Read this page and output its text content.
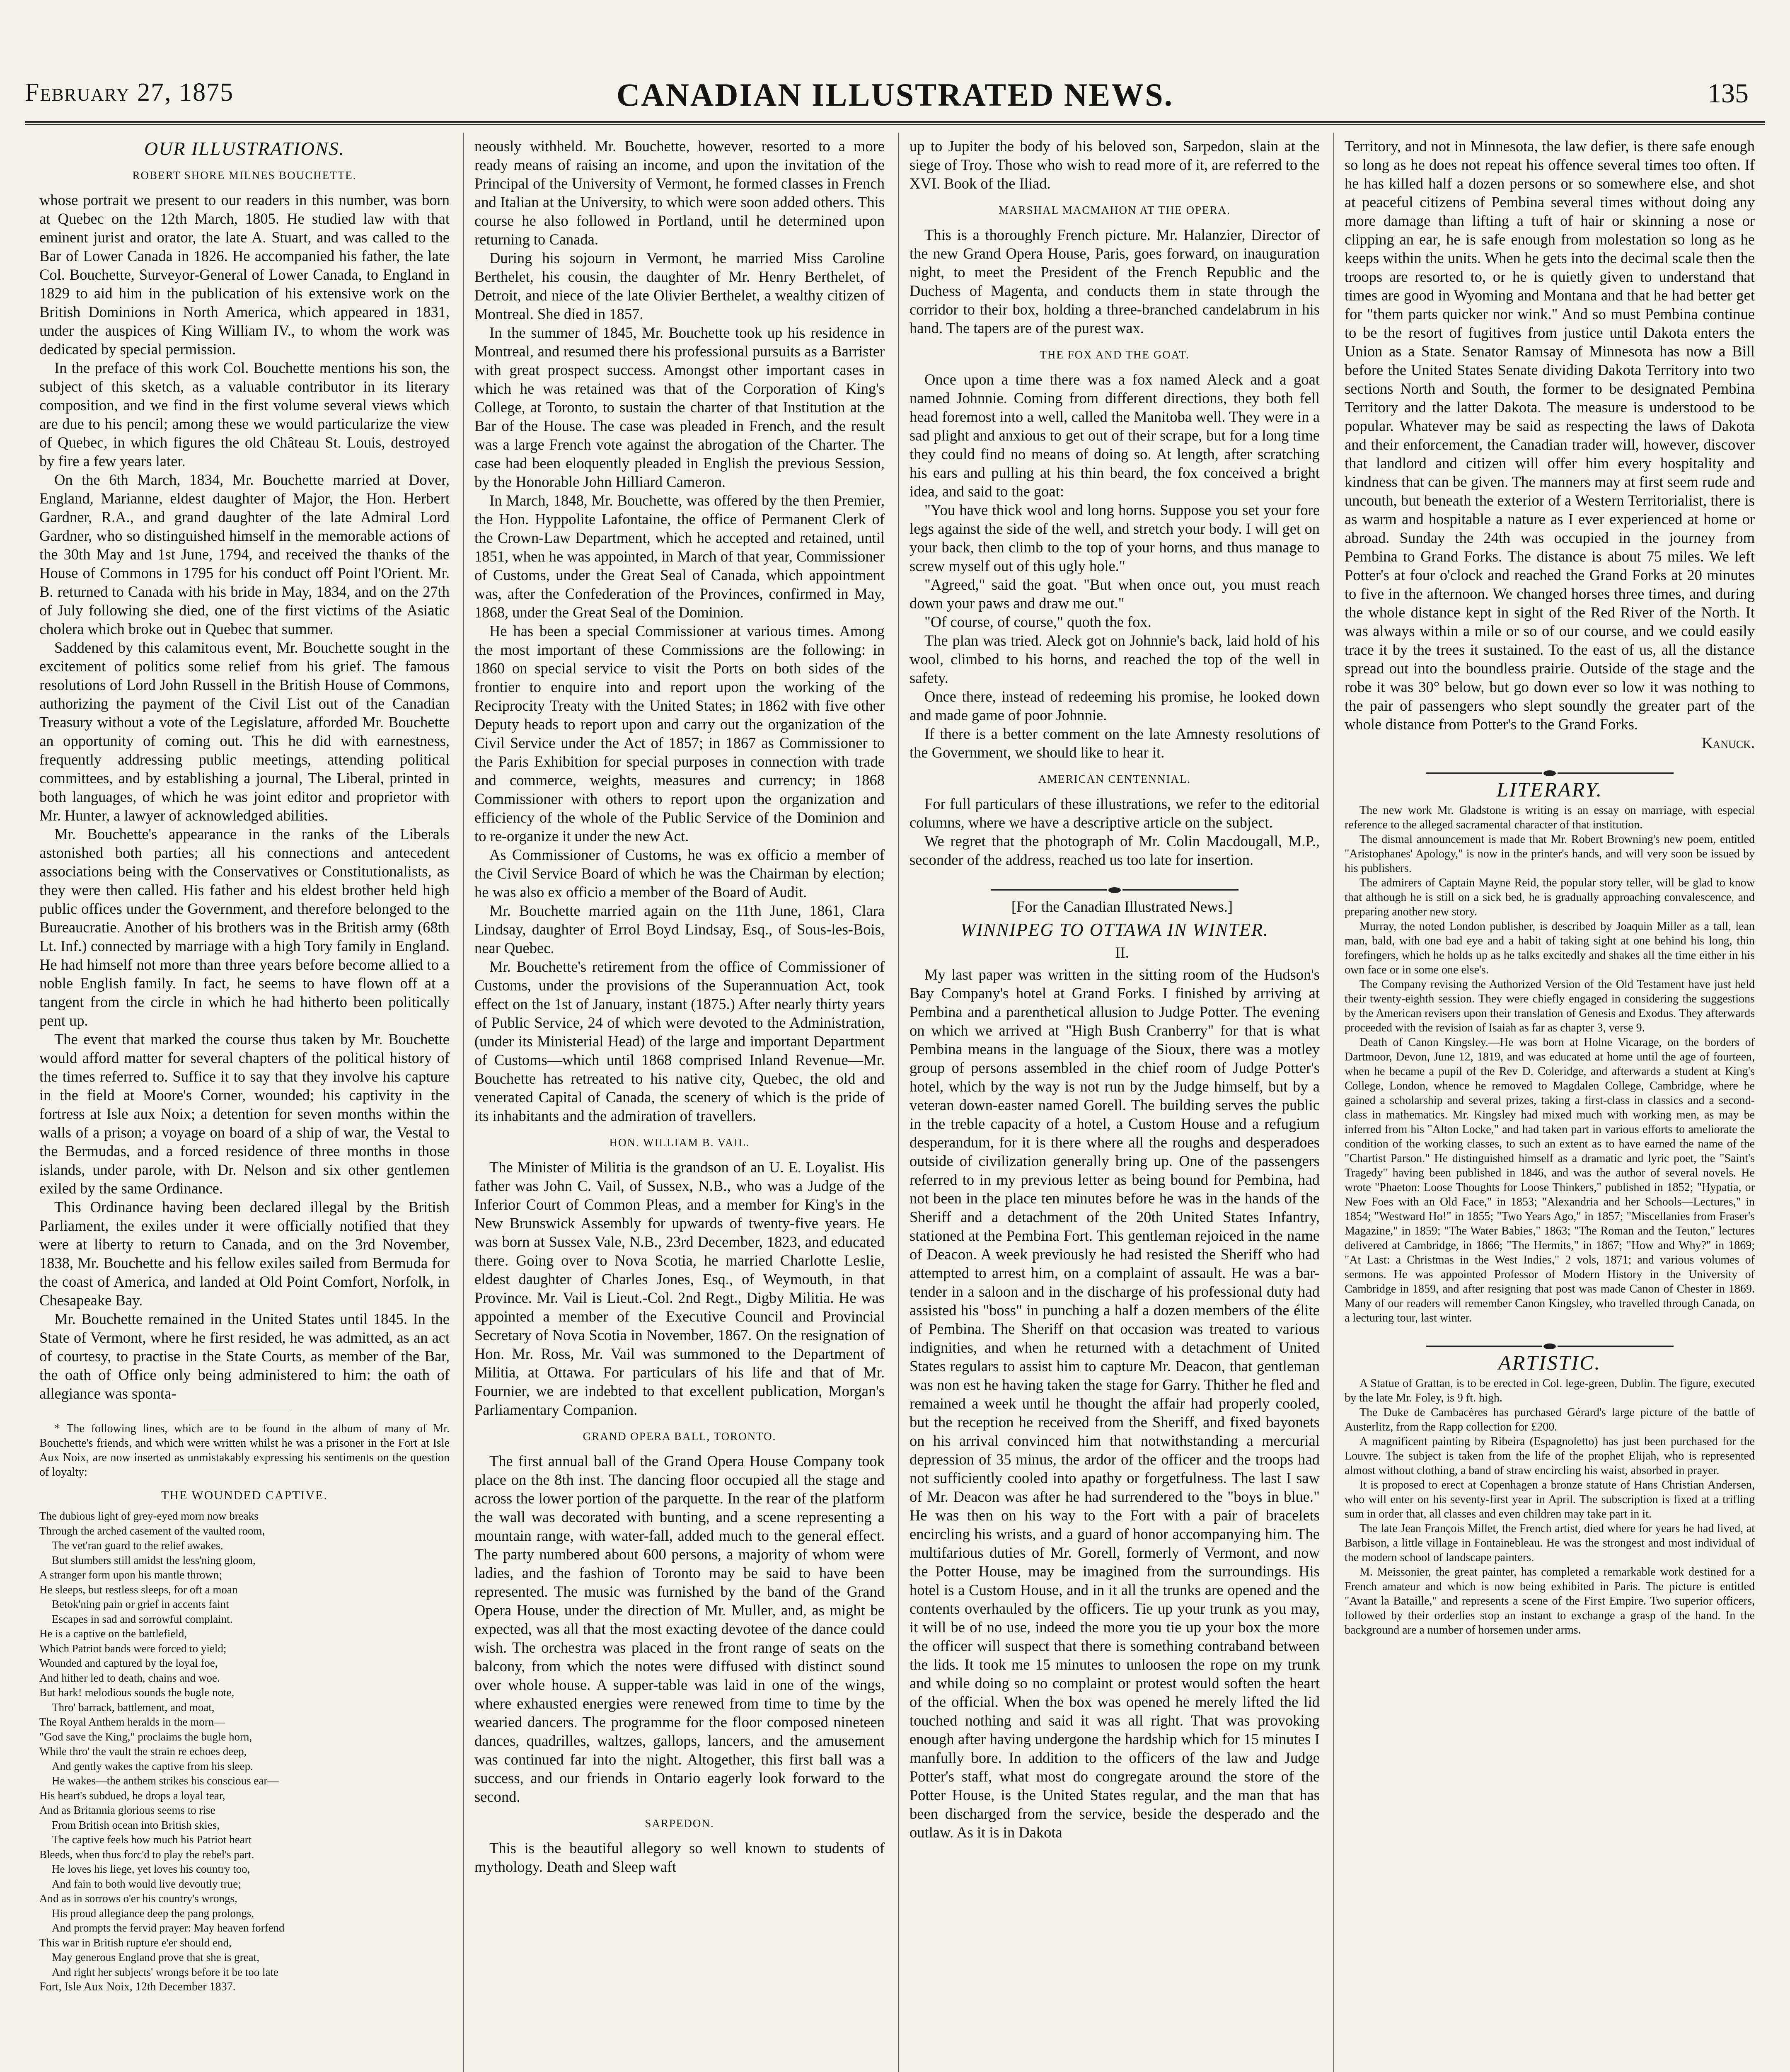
February 27, 1875	CANADIAN ILLUSTRATED NEWS.	135
OUR ILLUSTRATIONS.
ROBERT SHORE MILNES BOUCHETTE.

whose portrait we present to our readers in this number, was born at Quebec on the 12th March, 1805. He studied law with that eminent jurist and orator, the late A. Stuart, and was called to the Bar of Lower Canada in 1826. He accompanied his father, the late Col. Bouchette, Surveyor-General of Lower Canada, to England in 1829 to aid him in the publication of his extensive work on the British Dominions in North America, which appeared in 1831, under the auspices of King William IV., to whom the work was dedicated by special permission.

In the preface of this work Col. Bouchette mentions his son, the subject of this sketch, as a valuable contributor in its literary composition, and we find in the first volume several views which are due to his pencil; among these we would particularize the view of Quebec, in which figures the old Château St. Louis, destroyed by fire a few years later.

On the 6th March, 1834, Mr. Bouchette married at Dover, England, Marianne, eldest daughter of Major, the Hon. Herbert Gardner, R.A., and grand daughter of the late Admiral Lord Gardner, who so distinguished himself in the memorable actions of the 30th May and 1st June, 1794, and received the thanks of the House of Commons in 1795 for his conduct off Point l'Orient. Mr. B. returned to Canada with his bride in May, 1834, and on the 27th of July following she died, one of the first victims of the Asiatic cholera which broke out in Quebec that summer.

Saddened by this calamitous event, Mr. Bouchette sought in the excitement of politics some relief from his grief. The famous resolutions of Lord John Russell in the British House of Commons, authorizing the payment of the Civil List out of the Canadian Treasury without a vote of the Legislature, afforded Mr. Bouchette an opportunity of coming out. This he did with earnestness, frequently addressing public meetings, attending political committees, and by establishing a journal, The Liberal, printed in both languages, of which he was joint editor and proprietor with Mr. Hunter, a lawyer of acknowledged abilities.

Mr. Bouchette's appearance in the ranks of the Liberals astonished both parties; all his connections and antecedent associations being with the Conservatives or Constitutionalists, as they were then called. His father and his eldest brother held high public offices under the Government, and therefore belonged to the Bureaucratie. Another of his brothers was in the British army (68th Lt. Inf.) connected by marriage with a high Tory family in England. He had himself not more than three years before become allied to a noble English family. In fact, he seems to have flown off at a tangent from the circle in which he had hitherto been politically pent up.

The event that marked the course thus taken by Mr. Bouchette would afford matter for several chapters of the political history of the times referred to. Suffice it to say that they involve his capture in the field at Moore's Corner, wounded; his captivity in the fortress at Isle aux Noix; a detention for seven months within the walls of a prison; a voyage on board of a ship of war, the Vestal to the Bermudas, and a forced residence of three months in those islands, under parole, with Dr. Nelson and six other gentlemen exiled by the same Ordinance.

This Ordinance having been declared illegal by the British Parliament, the exiles under it were officially notified that they were at liberty to return to Canada, and on the 3rd November, 1838, Mr. Bouchette and his fellow exiles sailed from Bermuda for the coast of America, and landed at Old Point Comfort, Norfolk, in Chesapeake Bay.

Mr. Bouchette remained in the United States until 1845. In the State of Vermont, where he first resided, he was admitted, as an act of courtesy, to practise in the State Courts, as member of the Bar, the oath of Office only being administered to him: the oath of allegiance was sponta-

* The following lines, which are to be found in the album of many of Mr. Bouchette's friends, and which were written whilst he was a prisoner in the Fort at Isle Aux Noix, are now inserted as unmistakably expressing his sentiments on the question of loyalty:

THE WOUNDED CAPTIVE.
The dubious light of grey-eyed morn now breaks
Through the arched casement of the vaulted room,
The vet'ran guard to the relief awakes,
But slumbers still amidst the less'ning gloom,
A stranger form upon his mantle thrown;
He sleeps, but restless sleeps, for oft a moan
Betok'ning pain or grief in accents faint
Escapes in sad and sorrowful complaint.
He is a captive on the battlefield,
Which Patriot bands were forced to yield;
Wounded and captured by the loyal foe,
And hither led to death, chains and woe.
But hark! melodious sounds the bugle note,
Thro' barrack, battlement, and moat,
The Royal Anthem heralds in the morn—
"God save the King," proclaims the bugle horn,
While thro' the vault the strain re echoes deep,
And gently wakes the captive from his sleep.
He wakes—the anthem strikes his conscious ear—
His heart's subdued, he drops a loyal tear,
And as Britannia glorious seems to rise
From British ocean into British skies,
The captive feels how much his Patriot heart
Bleeds, when thus forc'd to play the rebel's part.
He loves his liege, yet loves his country too,
And fain to both would live devoutly true;
And as in sorrows o'er his country's wrongs,
His proud allegiance deep the pang prolongs,
And prompts the fervid prayer: May heaven forfend
This war in British rupture e'er should end,
May generous England prove that she is great,
And right her subjects' wrongs before it be too late

Fort, Isle Aux Noix, 12th December 1837.

neously withheld. Mr. Bouchette, however, resorted to a more ready means of raising an income, and upon the invitation of the Principal of the University of Vermont, he formed classes in French and Italian at the University, to which were soon added others. This course he also followed in Portland, until he determined upon returning to Canada.

During his sojourn in Vermont, he married Miss Caroline Berthelet, his cousin, the daughter of Mr. Henry Berthelet, of Detroit, and niece of the late Olivier Berthelet, a wealthy citizen of Montreal. She died in 1857.

In the summer of 1845, Mr. Bouchette took up his residence in Montreal, and resumed there his professional pursuits as a Barrister with great prospect success. Amongst other important cases in which he was retained was that of the Corporation of King's College, at Toronto, to sustain the charter of that Institution at the Bar of the House. The case was pleaded in French, and the result was a large French vote against the abrogation of the Charter. The case had been eloquently pleaded in English the previous Session, by the Honorable John Hilliard Cameron.

In March, 1848, Mr. Bouchette, was offered by the then Premier, the Hon. Hyppolite Lafontaine, the office of Permanent Clerk of the Crown-Law Department, which he accepted and retained, until 1851, when he was appointed, in March of that year, Commissioner of Customs, under the Great Seal of Canada, which appointment was, after the Confederation of the Provinces, confirmed in May, 1868, under the Great Seal of the Dominion.

He has been a special Commissioner at various times. Among the most important of these Commissions are the following: in 1860 on special service to visit the Ports on both sides of the frontier to enquire into and report upon the working of the Reciprocity Treaty with the United States; in 1862 with five other Deputy heads to report upon and carry out the organization of the Civil Service under the Act of 1857; in 1867 as Commissioner to the Paris Exhibition for special purposes in connection with trade and commerce, weights, measures and currency; in 1868 Commissioner with others to report upon the organization and efficiency of the whole of the Public Service of the Dominion and to re-organize it under the new Act.

As Commissioner of Customs, he was ex officio a member of the Civil Service Board of which he was the Chairman by election; he was also ex officio a member of the Board of Audit.

Mr. Bouchette married again on the 11th June, 1861, Clara Lindsay, daughter of Errol Boyd Lindsay, Esq., of Sous-les-Bois, near Quebec.

Mr. Bouchette's retirement from the office of Commissioner of Customs, under the provisions of the Superannuation Act, took effect on the 1st of January, instant (1875.) After nearly thirty years of Public Service, 24 of which were devoted to the Administration, (under its Ministerial Head) of the large and important Department of Customs—which until 1868 comprised Inland Revenue—Mr. Bouchette has retreated to his native city, Quebec, the old and venerated Capital of Canada, the scenery of which is the pride of its inhabitants and the admiration of travellers.

HON. WILLIAM B. VAIL.

The Minister of Militia is the grandson of an U. E. Loyalist. His father was John C. Vail, of Sussex, N.B., who was a Judge of the Inferior Court of Common Pleas, and a member for King's in the New Brunswick Assembly for upwards of twenty-five years. He was born at Sussex Vale, N.B., 23rd December, 1823, and educated there. Going over to Nova Scotia, he married Charlotte Leslie, eldest daughter of Charles Jones, Esq., of Weymouth, in that Province. Mr. Vail is Lieut.-Col. 2nd Regt., Digby Militia. He was appointed a member of the Executive Council and Provincial Secretary of Nova Scotia in November, 1867. On the resignation of Hon. Mr. Ross, Mr. Vail was summoned to the Department of Militia, at Ottawa. For particulars of his life and that of Mr. Fournier, we are indebted to that excellent publication, Morgan's Parliamentary Companion.

GRAND OPERA BALL, TORONTO.

The first annual ball of the Grand Opera House Company took place on the 8th inst. The dancing floor occupied all the stage and across the lower portion of the parquette. In the rear of the platform the wall was decorated with bunting, and a scene representing a mountain range, with water-fall, added much to the general effect. The party numbered about 600 persons, a majority of whom were ladies, and the fashion of Toronto may be said to have been represented. The music was furnished by the band of the Grand Opera House, under the direction of Mr. Muller, and, as might be expected, was all that the most exacting devotee of the dance could wish. The orchestra was placed in the front range of seats on the balcony, from which the notes were diffused with distinct sound over whole house. A supper-table was laid in one of the wings, where exhausted energies were renewed from time to time by the wearied dancers. The programme for the floor composed nineteen dances, quadrilles, waltzes, gallops, lancers, and the amusement was continued far into the night. Altogether, this first ball was a success, and our friends in Ontario eagerly look forward to the second.

SARPEDON.

This is the beautiful allegory so well known to students of mythology. Death and Sleep waft

up to Jupiter the body of his beloved son, Sarpedon, slain at the siege of Troy. Those who wish to read more of it, are referred to the XVI. Book of the Iliad.

MARSHAL MACMAHON AT THE OPERA.

This is a thoroughly French picture. Mr. Halanzier, Director of the new Grand Opera House, Paris, goes forward, on inauguration night, to meet the President of the French Republic and the Duchess of Magenta, and conducts them in state through the corridor to their box, holding a three-branched candelabrum in his hand. The tapers are of the purest wax.

THE FOX AND THE GOAT.

Once upon a time there was a fox named Aleck and a goat named Johnnie. Coming from different directions, they both fell head foremost into a well, called the Manitoba well. They were in a sad plight and anxious to get out of their scrape, but for a long time they could find no means of doing so. At length, after scratching his ears and pulling at his thin beard, the fox conceived a bright idea, and said to the goat:

"You have thick wool and long horns. Suppose you set your fore legs against the side of the well, and stretch your body. I will get on your back, then climb to the top of your horns, and thus manage to screw myself out of this ugly hole."

"Agreed," said the goat. "But when once out, you must reach down your paws and draw me out."

"Of course, of course," quoth the fox.

The plan was tried. Aleck got on Johnnie's back, laid hold of his wool, climbed to his horns, and reached the top of the well in safety.

Once there, instead of redeeming his promise, he looked down and made game of poor Johnnie.

If there is a better comment on the late Amnesty resolutions of the Government, we should like to hear it.

AMERICAN CENTENNIAL.

For full particulars of these illustrations, we refer to the editorial columns, where we have a descriptive article on the subject.

We regret that the photograph of Mr. Colin Macdougall, M.P., seconder of the address, reached us too late for insertion.

[For the Canadian Illustrated News.]

WINNIPEG TO OTTAWA IN WINTER.

II.

My last paper was written in the sitting room of the Hudson's Bay Company's hotel at Grand Forks. I finished by arriving at Pembina and a parenthetical allusion to Judge Potter. The evening on which we arrived at "High Bush Cranberry" for that is what Pembina means in the language of the Sioux, there was a motley group of persons assembled in the chief room of Judge Potter's hotel, which by the way is not run by the Judge himself, but by a veteran down-easter named Gorell. The building serves the public in the treble capacity of a hotel, a Custom House and a refugium desperandum, for it is there where all the roughs and desperadoes outside of civilization generally bring up. One of the passengers referred to in my previous letter as being bound for Pembina, had not been in the place ten minutes before he was in the hands of the Sheriff and a detachment of the 20th United States Infantry, stationed at the Pembina Fort. This gentleman rejoiced in the name of Deacon. A week previously he had resisted the Sheriff who had attempted to arrest him, on a complaint of assault. He was a bar-tender in a saloon and in the discharge of his professional duty had assisted his "boss" in punching a half a dozen members of the élite of Pembina. The Sheriff on that occasion was treated to various indignities, and when he returned with a detachment of United States regulars to assist him to capture Mr. Deacon, that gentleman was non est he having taken the stage for Garry. Thither he fled and remained a week until he thought the affair had properly cooled, but the reception he received from the Sheriff, and fixed bayonets on his arrival convinced him that notwithstanding a mercurial depression of 35 minus, the ardor of the officer and the troops had not sufficiently cooled into apathy or forgetfulness. The last I saw of Mr. Deacon was after he had surrendered to the "boys in blue." He was then on his way to the Fort with a pair of bracelets encircling his wrists, and a guard of honor accompanying him. The multifarious duties of Mr. Gorell, formerly of Vermont, and now the Potter House, may be imagined from the surroundings. His hotel is a Custom House, and in it all the trunks are opened and the contents overhauled by the officers. Tie up your trunk as you may, it will be of no use, indeed the more you tie up your box the more the officer will suspect that there is something contraband between the lids. It took me 15 minutes to unloosen the rope on my trunk and while doing so no complaint or protest would soften the heart of the official. When the box was opened he merely lifted the lid touched nothing and said it was all right. That was provoking enough after having undergone the hardship which for 15 minutes I manfully bore. In addition to the officers of the law and Judge Potter's staff, what most do congregate around the store of the Potter House, is the United States regular, and the man that has been discharged from the service, beside the desperado and the outlaw. As it is in Dakota

Territory, and not in Minnesota, the law defier, is there safe enough so long as he does not repeat his offence several times too often. If he has killed half a dozen persons or so somewhere else, and shot at peaceful citizens of Pembina several times without doing any more damage than lifting a tuft of hair or skinning a nose or clipping an ear, he is safe enough from molestation so long as he keeps within the units. When he gets into the decimal scale then the troops are resorted to, or he is quietly given to understand that times are good in Wyoming and Montana and that he had better get for "them parts quicker nor wink." And so must Pembina continue to be the resort of fugitives from justice until Dakota enters the Union as a State. Senator Ramsay of Minnesota has now a Bill before the United States Senate dividing Dakota Territory into two sections North and South, the former to be designated Pembina Territory and the latter Dakota. The measure is understood to be popular. Whatever may be said as respecting the laws of Dakota and their enforcement, the Canadian trader will, however, discover that landlord and citizen will offer him every hospitality and kindness that can be given. The manners may at first seem rude and uncouth, but beneath the exterior of a Western Territorialist, there is as warm and hospitable a nature as I ever experienced at home or abroad. Sunday the 24th was occupied in the journey from Pembina to Grand Forks. The distance is about 75 miles. We left Potter's at four o'clock and reached the Grand Forks at 20 minutes to five in the afternoon. We changed horses three times, and during the whole distance kept in sight of the Red River of the North. It was always within a mile or so of our course, and we could easily trace it by the trees it sustained. To the east of us, all the distance spread out into the boundless prairie. Outside of the stage and the robe it was 30° below, but go down ever so low it was nothing to the pair of passengers who slept soundly the greater part of the whole distance from Potter's to the Grand Forks.

Kanuck.

LITERARY.

The new work Mr. Gladstone is writing is an essay on marriage, with especial reference to the alleged sacramental character of that institution.

The dismal announcement is made that Mr. Robert Browning's new poem, entitled "Aristophanes' Apology," is now in the printer's hands, and will very soon be issued by his publishers.

The admirers of Captain Mayne Reid, the popular story teller, will be glad to know that although he is still on a sick bed, he is gradually approaching convalescence, and preparing another new story.

Murray, the noted London publisher, is described by Joaquin Miller as a tall, lean man, bald, with one bad eye and a habit of taking sight at one behind his long, thin forefingers, which he holds up as he talks excitedly and shakes all the time either in his own face or in some one else's.

The Company revising the Authorized Version of the Old Testament have just held their twenty-eighth session. They were chiefly engaged in considering the suggestions by the American revisers upon their translation of Genesis and Exodus. They afterwards proceeded with the revision of Isaiah as far as chapter 3, verse 9.

Death of Canon Kingsley.—He was born at Holne Vicarage, on the borders of Dartmoor, Devon, June 12, 1819, and was educated at home until the age of fourteen, when he became a pupil of the Rev D. Coleridge, and afterwards a student at King's College, London, whence he removed to Magdalen College, Cambridge, where he gained a scholarship and several prizes, taking a first-class in classics and a second-class in mathematics. Mr. Kingsley had mixed much with working men, as may be inferred from his "Alton Locke," and had taken part in various efforts to ameliorate the condition of the working classes, to such an extent as to have earned the name of the "Chartist Parson." He distinguished himself as a dramatic and lyric poet, the "Saint's Tragedy" having been published in 1846, and was the author of several novels. He wrote "Phaeton: Loose Thoughts for Loose Thinkers," published in 1852; "Hypatia, or New Foes with an Old Face," in 1853; "Alexandria and her Schools—Lectures," in 1854; "Westward Ho!" in 1855; "Two Years Ago," in 1857; "Miscellanies from Fraser's Magazine," in 1859; "The Water Babies," 1863; "The Roman and the Teuton," lectures delivered at Cambridge, in 1866; "The Hermits," in 1867; "How and Why?" in 1869; "At Last: a Christmas in the West Indies," 2 vols, 1871; and various volumes of sermons. He was appointed Professor of Modern History in the University of Cambridge in 1859, and after resigning that post was made Canon of Chester in 1869. Many of our readers will remember Canon Kingsley, who travelled through Canada, on a lecturing tour, last winter.

ARTISTIC.

A Statue of Grattan, is to be erected in Col. lege-green, Dublin. The figure, executed by the late Mr. Foley, is 9 ft. high.

The Duke de Cambacères has purchased Gérard's large picture of the battle of Austerlitz, from the Rapp collection for £200.

A magnificent painting by Ribeira (Espagnoletto) has just been purchased for the Louvre. The subject is taken from the life of the prophet Elijah, who is represented almost without clothing, a band of straw encircling his waist, absorbed in prayer.

It is proposed to erect at Copenhagen a bronze statute of Hans Christian Andersen, who will enter on his seventy-first year in April. The subscription is fixed at a trifling sum in order that, all classes and even children may take part in it.

The late Jean François Millet, the French artist, died where for years he had lived, at Barbison, a little village in Fontainebleau. He was the strongest and most individual of the modern school of landscape painters.

M. Meissonier, the great painter, has completed a remarkable work destined for a French amateur and which is now being exhibited in Paris. The picture is entitled "Avant la Bataille," and represents a scene of the First Empire. Two superior officers, followed by their orderlies stop an instant to exchange a grasp of the hand. In the background are a number of horsemen under arms.
